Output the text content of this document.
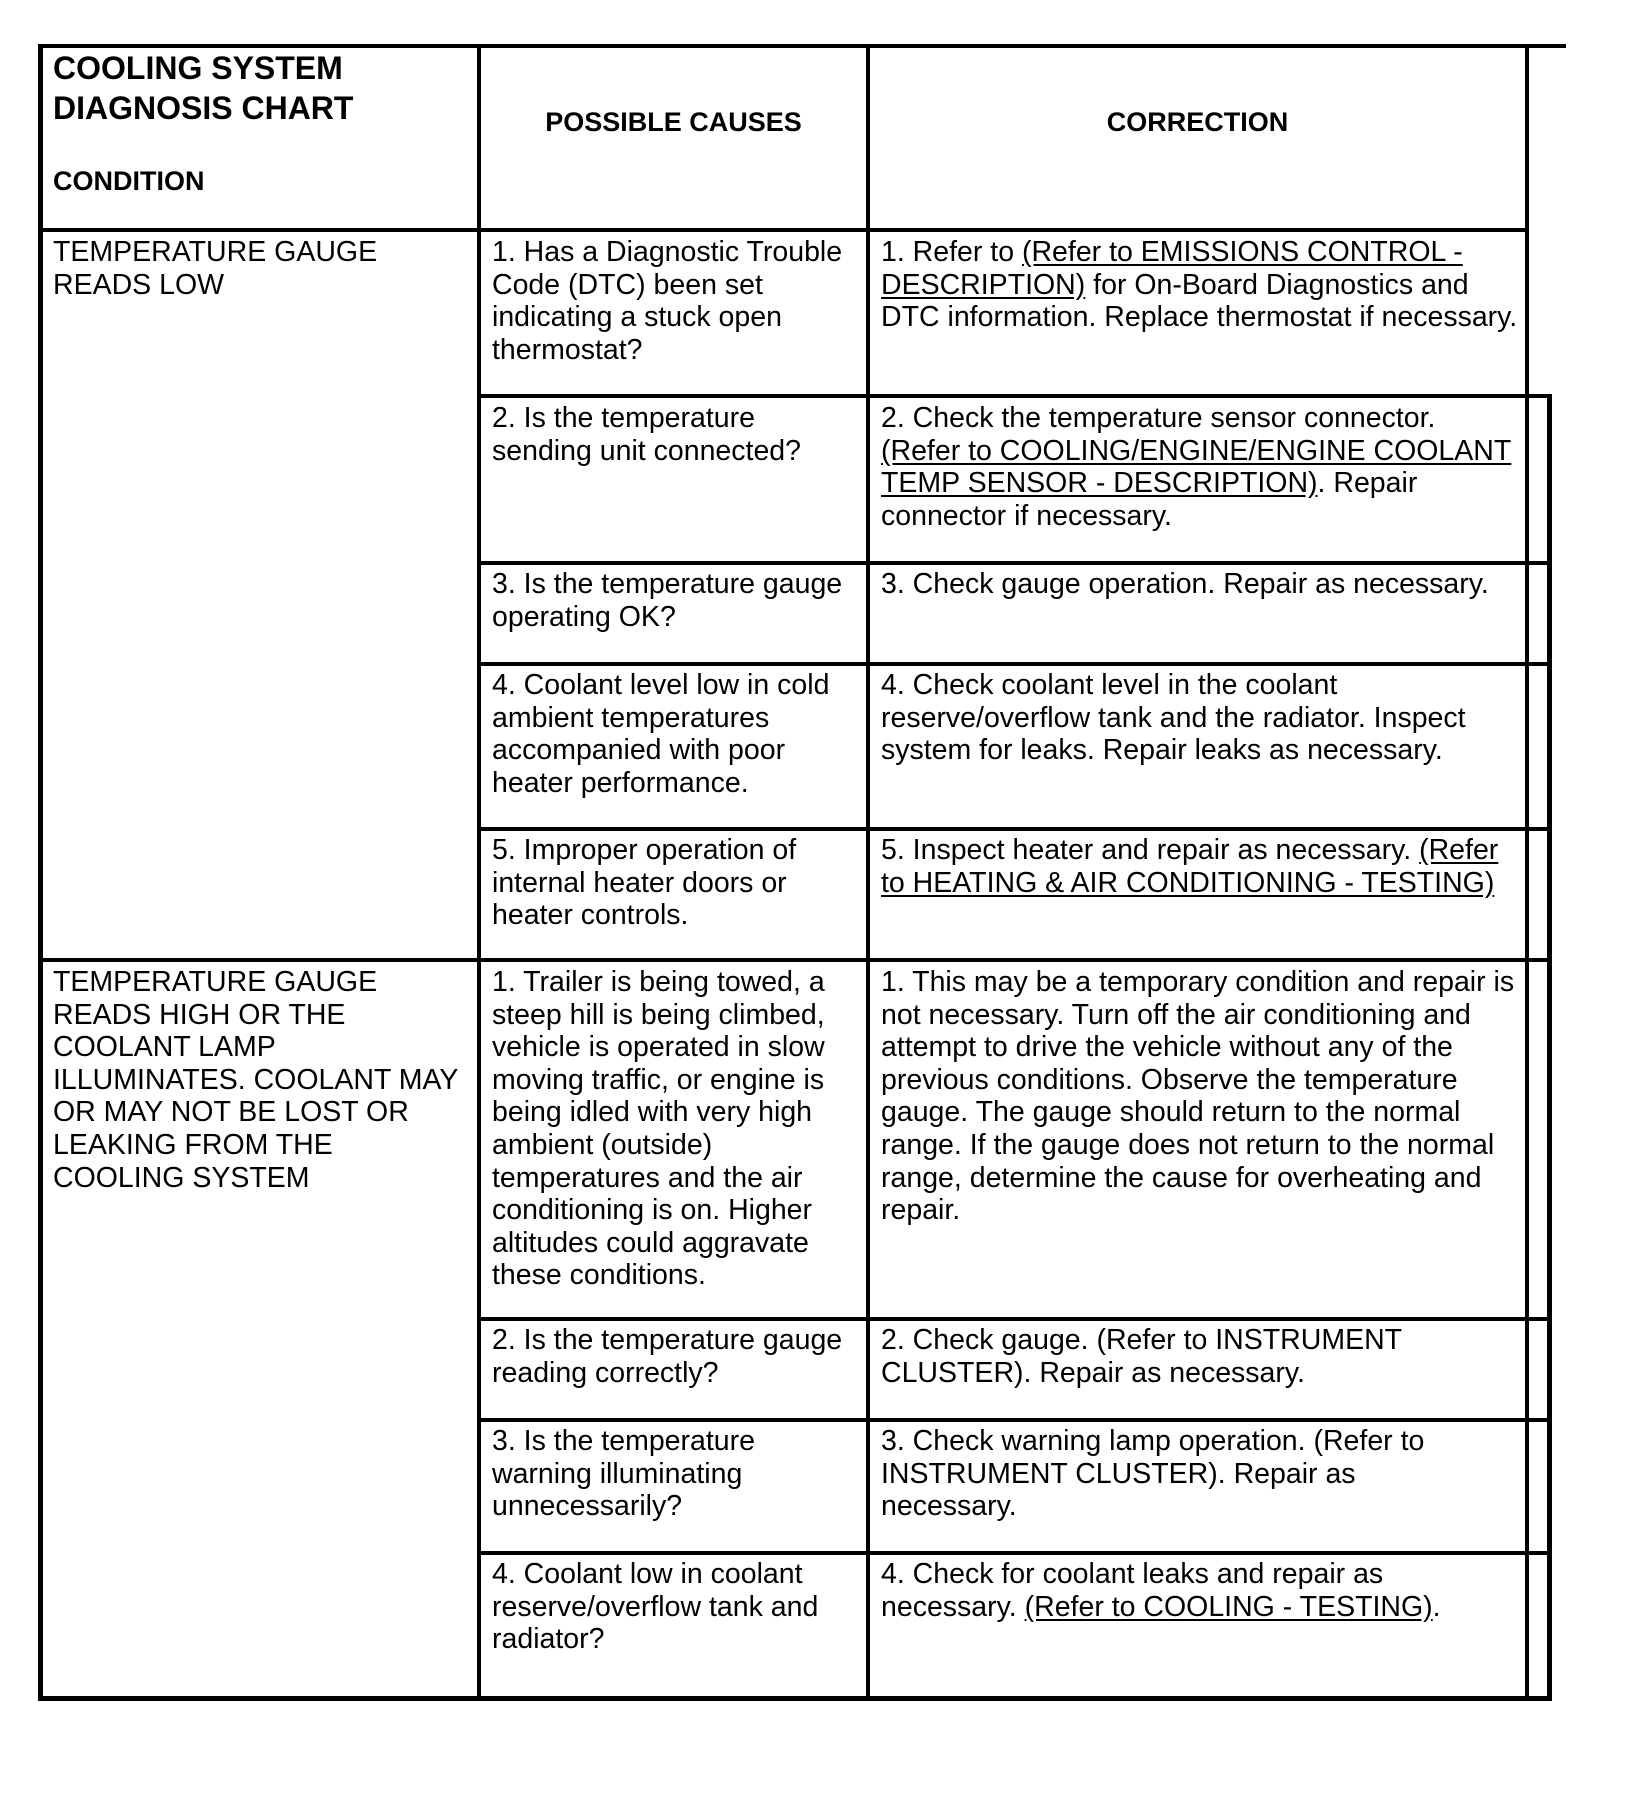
COOLING SYSTEM
DIAGNOSIS CHART
CONDITION
POSSIBLE CAUSES	CORRECTION
TEMPERATURE GAUGE READS LOW
1. Has a Diagnostic Trouble Code (DTC) been set indicating a stuck open thermostat?
1. Refer to (Refer to EMISSIONS CONTROL - DESCRIPTION) for On-Board Diagnostics and DTC information. Replace thermostat if necessary.
2. Is the temperature sending unit connected?
2. Check the temperature sensor connector. (Refer to COOLING/ENGINE/ENGINE COOLANT TEMP SENSOR - DESCRIPTION). Repair connector if necessary.
3. Is the temperature gauge operating OK?
3. Check gauge operation. Repair as necessary.
4. Coolant level low in cold ambient temperatures accompanied with poor heater performance.
4. Check coolant level in the coolant reserve/overflow tank and the radiator. Inspect system for leaks. Repair leaks as necessary.
5. Improper operation of internal heater doors or heater controls.
5. Inspect heater and repair as necessary. (Refer to HEATING & AIR CONDITIONING - TESTING)
TEMPERATURE GAUGE READS HIGH OR THE COOLANT LAMP ILLUMINATES. COOLANT MAY OR MAY NOT BE LOST OR LEAKING FROM THE COOLING SYSTEM
1. Trailer is being towed, a steep hill is being climbed, vehicle is operated in slow moving traffic, or engine is being idled with very high ambient (outside) temperatures and the air conditioning is on. Higher altitudes could aggravate these conditions.
1. This may be a temporary condition and repair is not necessary. Turn off the air conditioning and attempt to drive the vehicle without any of the previous conditions. Observe the temperature gauge. The gauge should return to the normal range. If the gauge does not return to the normal range, determine the cause for overheating and repair.
2. Is the temperature gauge reading correctly?
2. Check gauge. (Refer to INSTRUMENT CLUSTER). Repair as necessary.
3. Is the temperature warning illuminating unnecessarily?
3. Check warning lamp operation. (Refer to INSTRUMENT CLUSTER). Repair as necessary.
4. Coolant low in coolant reserve/overflow tank and radiator?
4. Check for coolant leaks and repair as necessary. (Refer to COOLING - TESTING).
